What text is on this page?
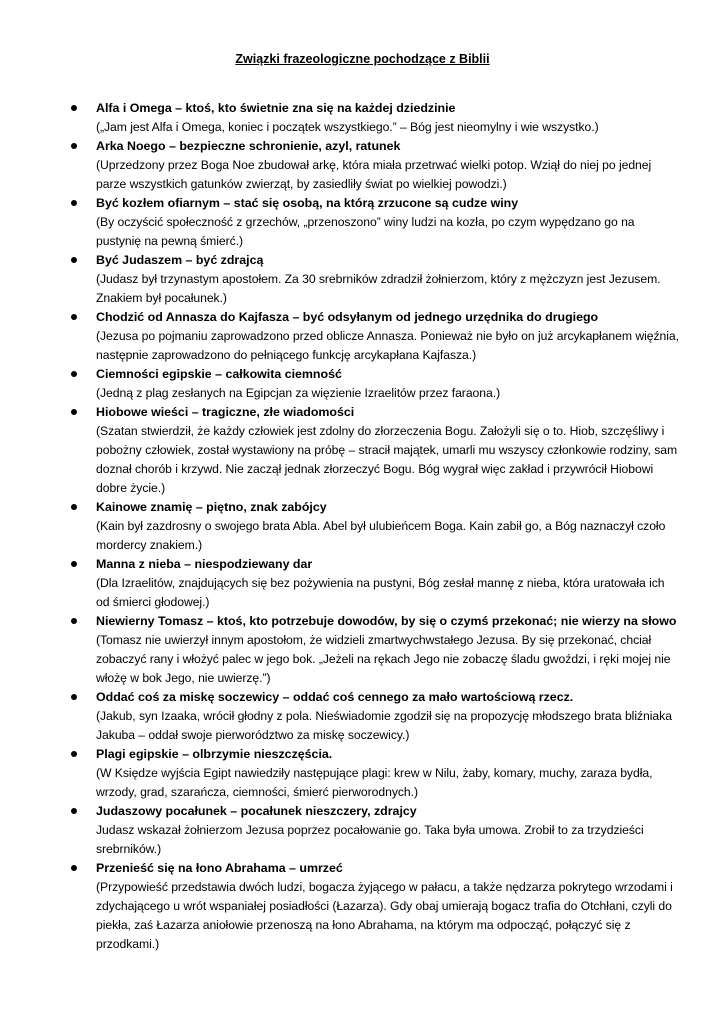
Związki frazeologiczne pochodzące z Biblii
Alfa i Omega – ktoś, kto świetnie zna się na każdej dziedzinie
(„Jam jest Alfa i Omega, koniec i początek wszystkiego.” – Bóg jest nieomylny i wie wszystko.)
Arka Noego – bezpieczne schronienie, azyl, ratunek
(Uprzedzony przez Boga Noe zbudował arkę, która miała przetrwać wielki potop. Wziął do niej po jednej parze wszystkich gatunków zwierząt, by zasiedliły świat po wielkiej powodzi.)
Być kozłem ofiarnym – stać się osobą, na którą zrzucone są cudze winy
(By oczyścić społeczność z grzechów, „przenoszono” winy ludzi na kozła, po czym wypędzano go na pustynię na pewną śmierć.)
Być Judaszem – być zdrajcą
(Judasz był trzynastym apostołem. Za 30 srebrników zdradził żołnierzom, który z mężczyzn jest Jezusem. Znakiem był pocałunek.)
Chodzić od Annasza do Kajfasza – być odsyłanym od jednego urzędnika do drugiego
(Jezusa po pojmaniu zaprowadzono przed oblicze Annasza. Ponieważ nie było on już arcykapłanem więźnia, następnie zaprowadzono do pełniącego funkcję arcykapłana Kajfasza.)
Ciemności egipskie – całkowita ciemność
(Jedną z plag zesłanych na Egipcjan za więzienie Izraelitów przez faraona.)
Hiobowe wieści – tragiczne, złe wiadomości
(Szatan stwierdził, że każdy człowiek jest zdolny do złorzeczenia Bogu. Założyli się o to. Hiob, szczęśliwy i pobożny człowiek, został wystawiony na próbę – stracił majątek, umarli mu wszyscy członkowie rodziny, sam doznał chorób i krzywd. Nie zaczął jednak złorzeczyć Bogu. Bóg wygrał więc zakład i przywrócił Hiobowi dobre życie.)
Kainowe znamię – piętno, znak zabójcy
(Kain był zazdrosny o swojego brata Abla. Abel był ulubieńcem Boga. Kain zabił go, a Bóg naznaczył czoło mordercy znakiem.)
Manna z nieba – niespodziewany dar
(Dla Izraelitów, znajdujących się bez pożywienia na pustyni, Bóg zesłał mannę z nieba, która uratowała ich od śmierci głodowej.)
Niewierny Tomasz – ktoś, kto potrzebuje dowodów, by się o czymś przekonać; nie wierzy na słowo
(Tomasz nie uwierzył innym apostołom, że widzieli zmartwychwstałego Jezusa. By się przekonać, chciał zobaczyć rany i włożyć palec w jego bok. „Jeżeli na rękach Jego nie zobaczę śladu gwoździ, i ręki mojej nie włożę w bok Jego, nie uwierzę.”)
Oddać coś za miskę soczewicy – oddać coś cennego za mało wartościową rzecz.
(Jakub, syn Izaaka, wrócił głodny z pola. Nieświadomie zgodził się na propozycję młodszego brata bliźniaka Jakuba – oddał swoje pierworództwo za miskę soczewicy.)
Plagi egipskie – olbrzymie nieszczęścia.
(W Księdze wyjścia Egipt nawiedziły następujące plagi: krew w Nilu, żaby, komary, muchy, zaraza bydła, wrzody, grad, szarańcza, ciemności, śmierć pierworodnych.)
Judaszowy pocałunek – pocałunek nieszczery, zdrajcy
Judasz wskazał żołnierzom Jezusa poprzez pocałowanie go. Taka była umowa. Zrobił to za trzydzieści srebrników.)
Przenieść się na łono Abrahama – umrzeć
(Przypowieść przedstawia dwóch ludzi, bogacza żyjącego w pałacu, a także nędzarza pokrytego wrzodami i zdychającego u wrót wspaniałej posiadłości (Łazarza). Gdy obaj umierają bogacz trafia do Otchłani, czyli do piekła, zaś Łazarza aniołowie przenoszą na łono Abrahama, na którym ma odpocząć, połączyć się z przodkami.)
